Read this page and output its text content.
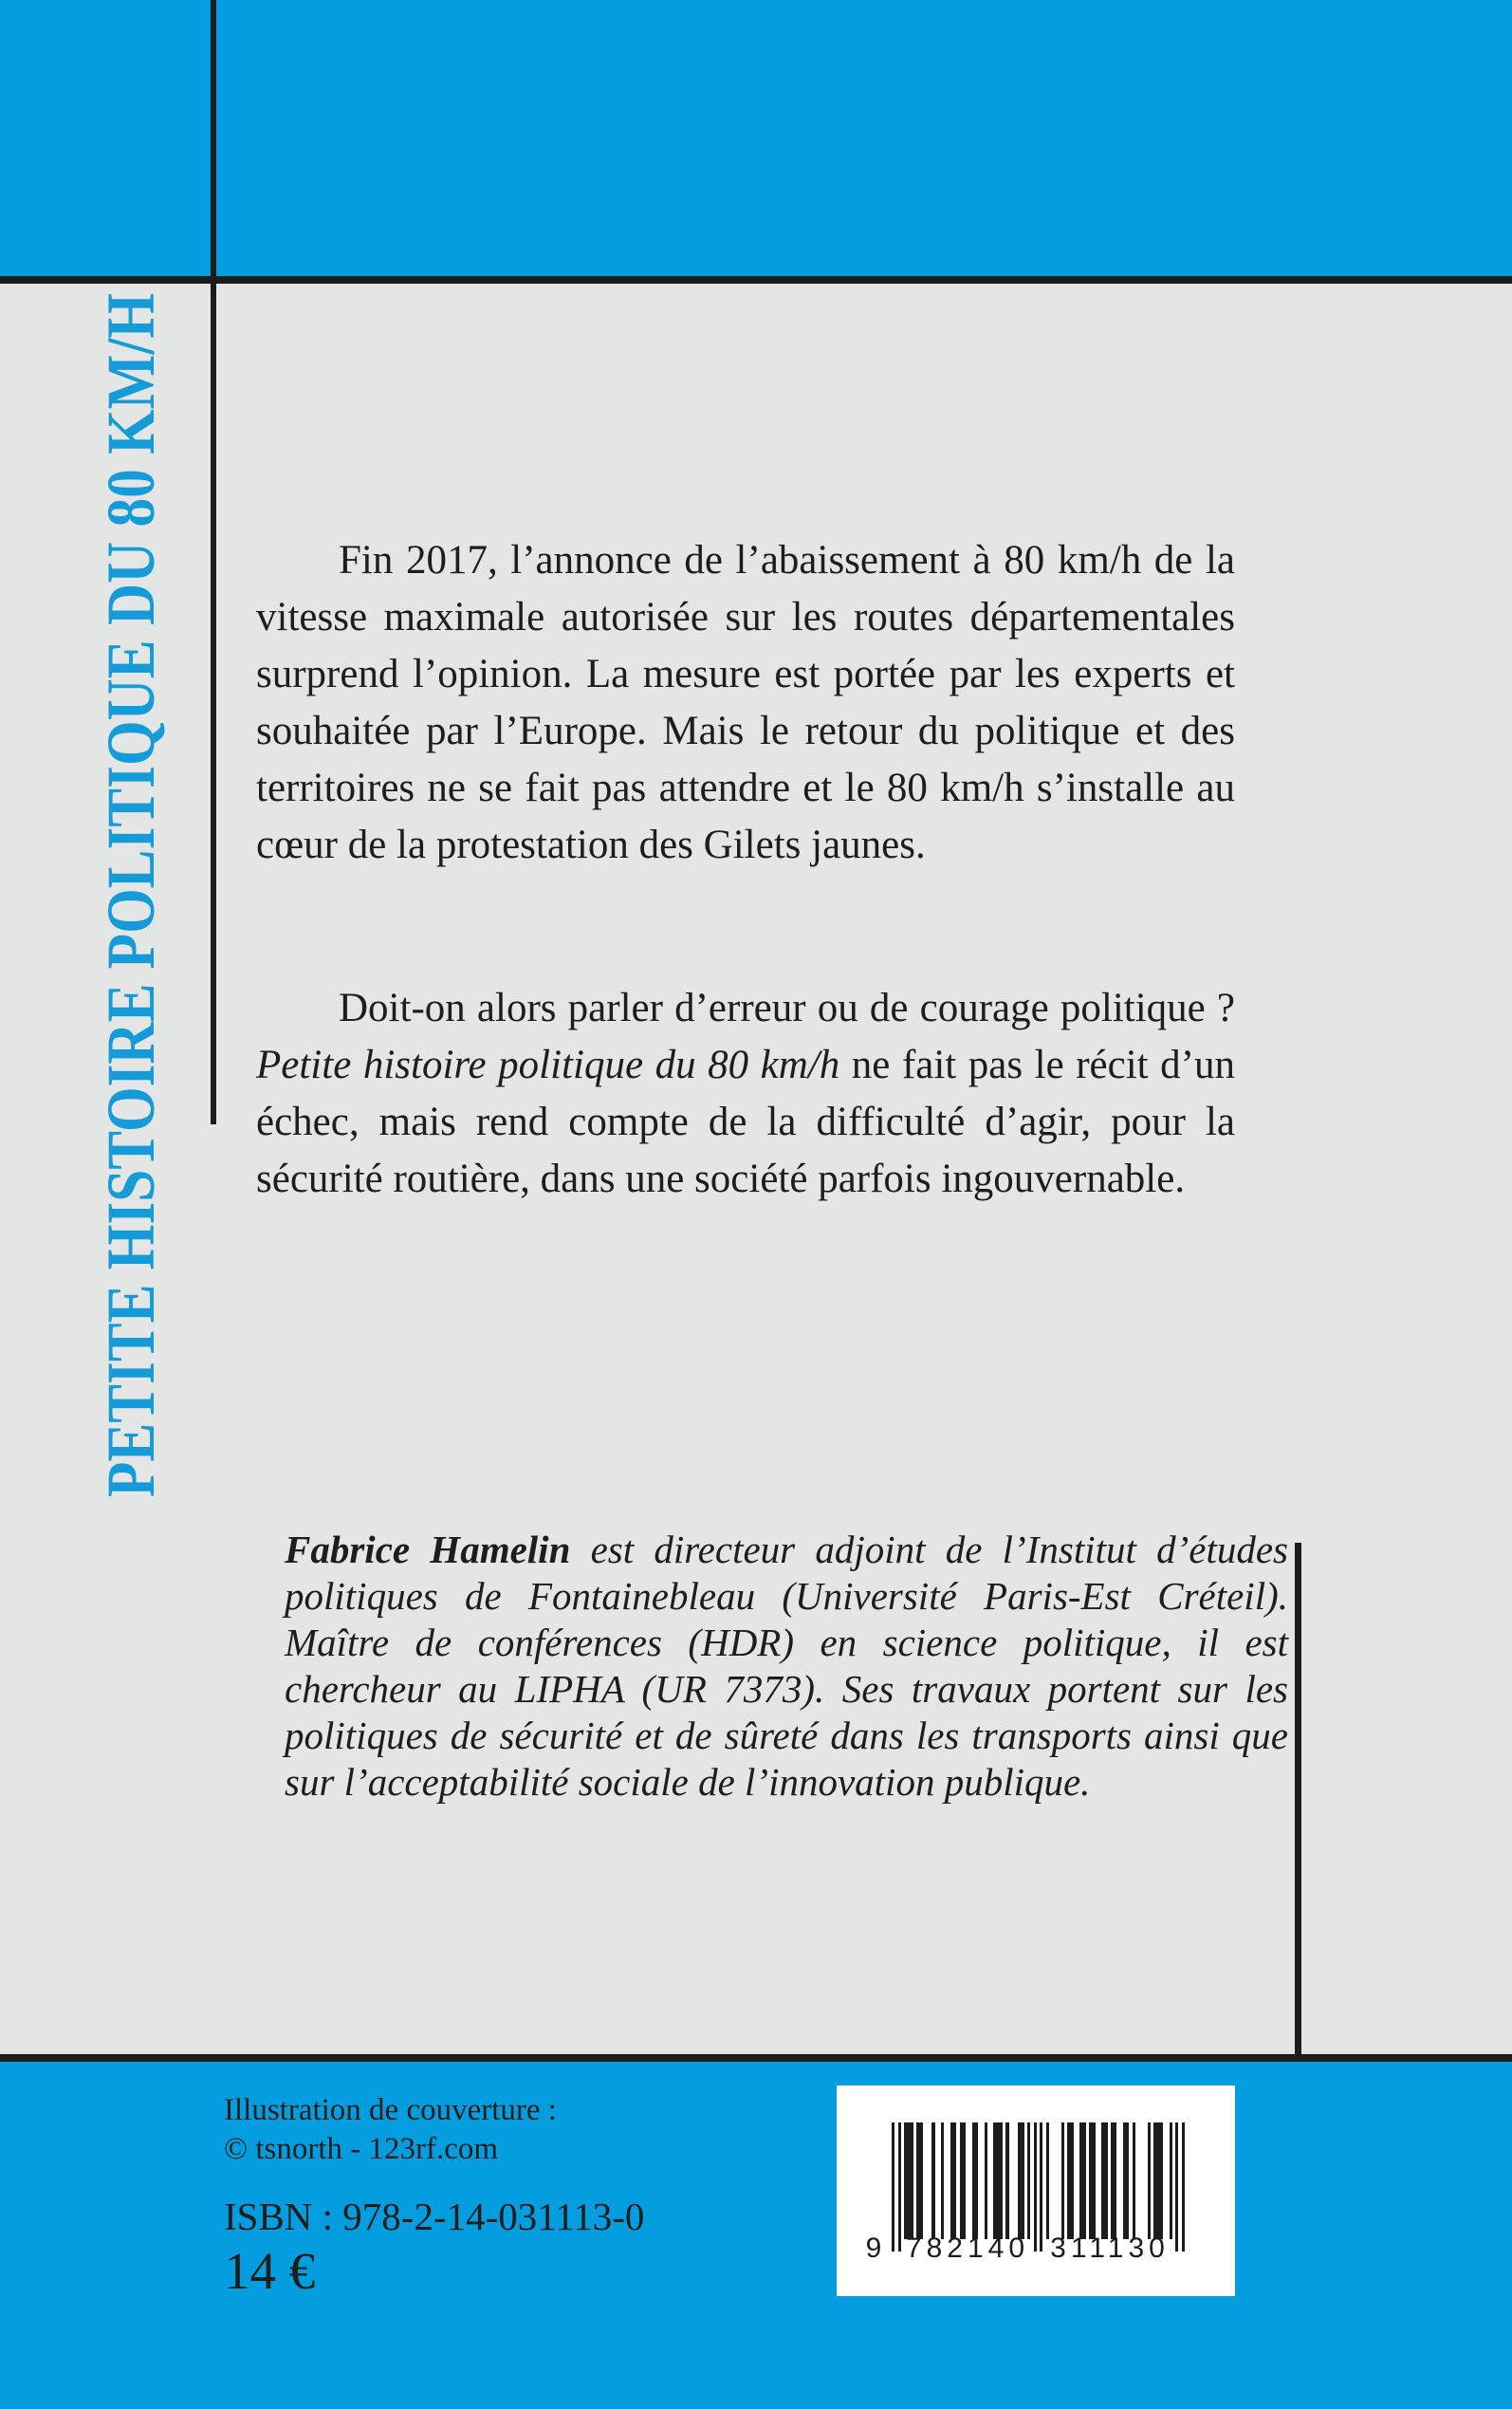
PETITE HISTOIRE POLITIQUE DU 80 KM/H	Fin 2017, l’annonce de l’abaissement à 80 km/h de la vitesse maximale autorisée sur les routes départementales surprend l’opinion. La mesure est portée par les experts et souhaitée par l’Europe. Mais le retour du politique et des territoires ne se fait pas attendre et le 80 km/h s’installe au cœur de la protestation des Gilets jaunes.

Doit-on alors parler d’erreur ou de courage politique ? Petite histoire politique du 80 km/h ne fait pas le récit d’un échec, mais rend compte de la difficulté d’agir, pour la sécurité routière, dans une société parfois ingouvernable.

Fabrice Hamelin est directeur adjoint de l’Institut d’études politiques de Fontainebleau (Université Paris-Est Créteil). Maître de conférences (HDR) en science politique, il est chercheur au LIPHA (UR 7373). Ses travaux portent sur les politiques de sécurité et de sûreté dans les transports ainsi que sur l’acceptabilité sociale de l’innovation publique.

Illustration de couverture :
© tsnorth - 123rf.com
ISBN : 978-2-14-031113-0
14 €	9 782140 311130
